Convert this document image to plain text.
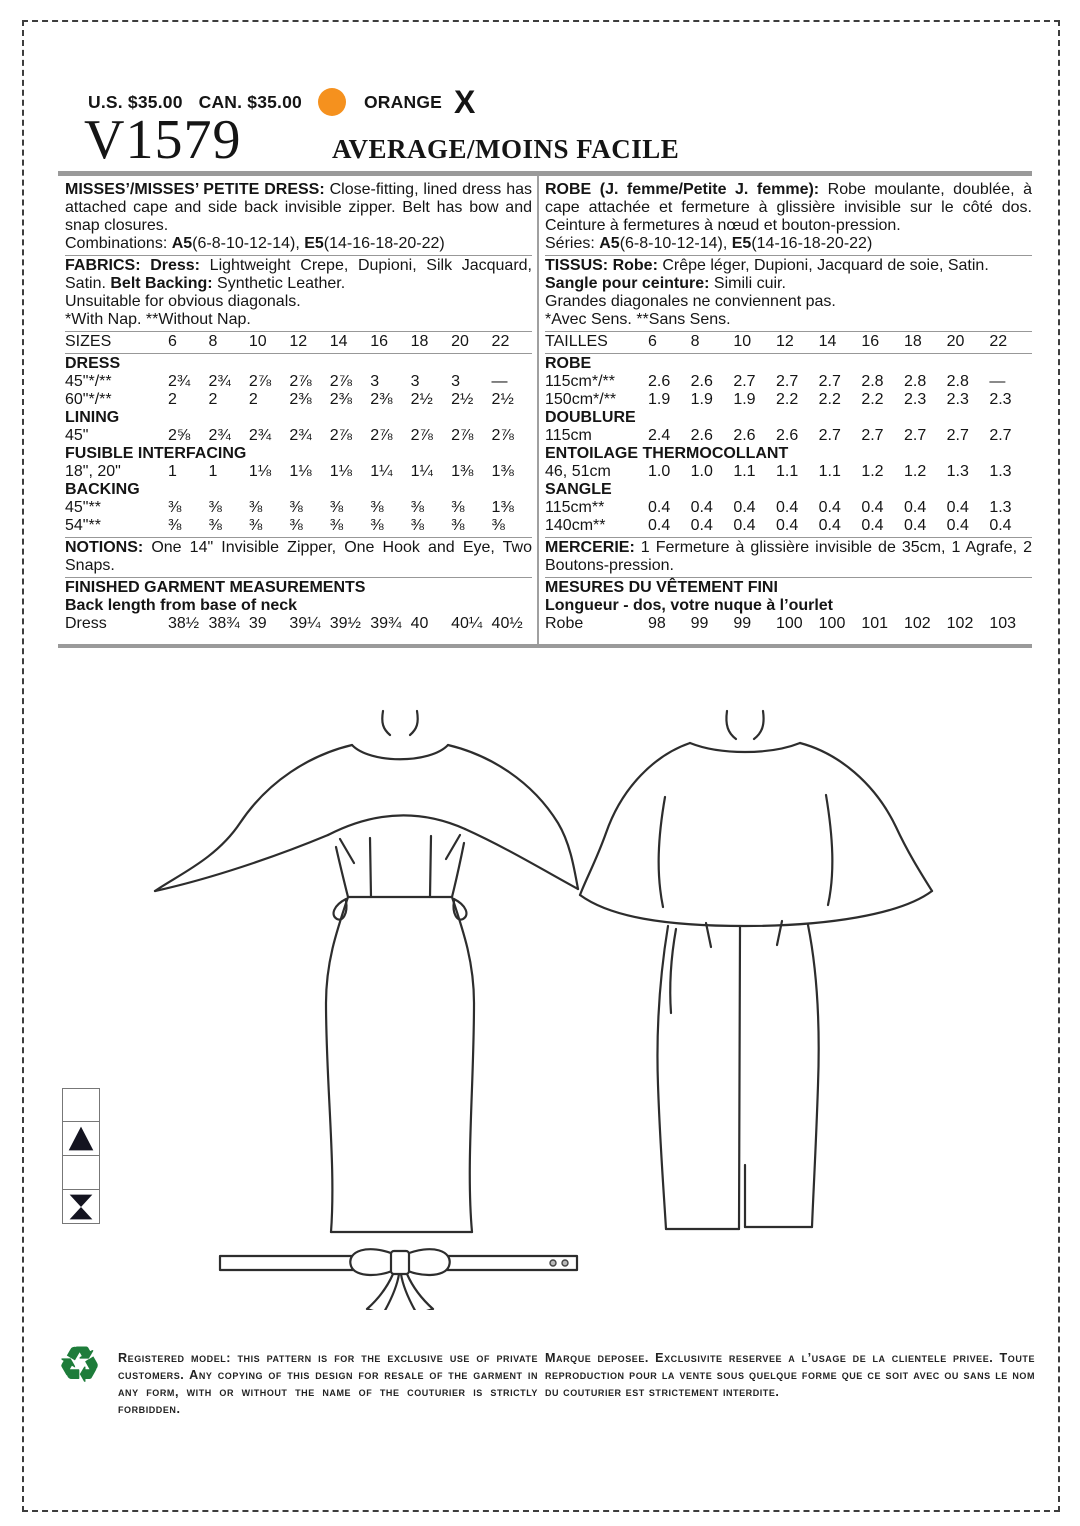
U.S. $35.00 CAN. $35.00	ORANGE X
V1579	AVERAGE/MOINS FACILE

MISSES’/MISSES’ PETITE DRESS: Close-fitting, lined dress has attached cape and side back invisible zipper. Belt has bow and snap closures.

Combinations: A5(6-8-10-12-14), E5(14-16-18-20-22)

FABRICS: Dress: Lightweight Crepe, Dupioni, Silk Jacquard, Satin. Belt Backing: Synthetic Leather.

Unsuitable for obvious diagonals.

*With Nap. **Without Nap.

SIZES	6	8	10	12	14	16	18	20	22
DRESS
45"*/**	2¾	2¾	2⅞	2⅞	2⅞	3	3	3	—
60"*/**	2	2	2	2⅜	2⅜	2⅜	2½	2½	2½
LINING
45"	2⅝	2¾	2¾	2¾	2⅞	2⅞	2⅞	2⅞	2⅞
FUSIBLE INTERFACING
18", 20"	1	1	1⅛	1⅛	1⅛	1¼	1¼	1⅜	1⅜
BACKING
45"**	⅜	⅜	⅜	⅜	⅜	⅜	⅜	⅜	1⅜
54"**	⅜	⅜	⅜	⅜	⅜	⅜	⅜	⅜	⅜

NOTIONS: One 14" Invisible Zipper, One Hook and Eye, Two Snaps.

FINISHED GARMENT MEASUREMENTS
Back length from base of neck
Dress	38½ 38¾ 39	39¼ 39½ 39¾ 40	40¼ 40½

ROBE (J. femme/Petite J. femme): Robe moulante, doublée, à cape attachée et fermeture à glissière invisible sur le côté dos. Ceinture à fermetures à nœud et bouton-pression.

Séries: A5(6-8-10-12-14), E5(14-16-18-20-22)

TISSUS: Robe: Crêpe léger, Dupioni, Jacquard de soie, Satin.

Sangle pour ceinture: Simili cuir.

Grandes diagonales ne conviennent pas.

*Avec Sens. **Sans Sens.

TAILLES	6	8	10	12	14	16	18	20	22
ROBE
115cm*/**	2.6	2.6	2.7	2.7	2.7	2.8	2.8	2.8	—
150cm*/**	1.9	1.9	1.9	2.2	2.2	2.2	2.3	2.3	2.3
DOUBLURE
115cm	2.4	2.6	2.6	2.6	2.7	2.7	2.7	2.7	2.7
ENTOILAGE THERMOCOLLANT
46, 51cm	1.0	1.0	1.1	1.1	1.1	1.2	1.2	1.3	1.3
SANGLE
115cm**	0.4	0.4	0.4	0.4	0.4	0.4	0.4	0.4	1.3
140cm**	0.4	0.4	0.4	0.4	0.4	0.4	0.4	0.4	0.4

MERCERIE: 1 Fermeture à glissière invisible de 35cm, 1 Agrafe, 2 Boutons-pression.

MESURES DU VÊTEMENT FINI
Longueur - dos, votre nuque à l’ourlet
Robe	98	99	99	100 100 101 102 102 103
♻ Registered model: this pattern is for the exclusive use of private customers. Any copying of this design for resale of the garment in any form, with or without the name of the couturier is strictly forbidden.
Marque deposee. Exclusivite reservee a l’usage de la clientele privee. Toute reproduction pour la vente sous quelque forme que ce soit avec ou sans le nom du couturier est strictement interdite.
